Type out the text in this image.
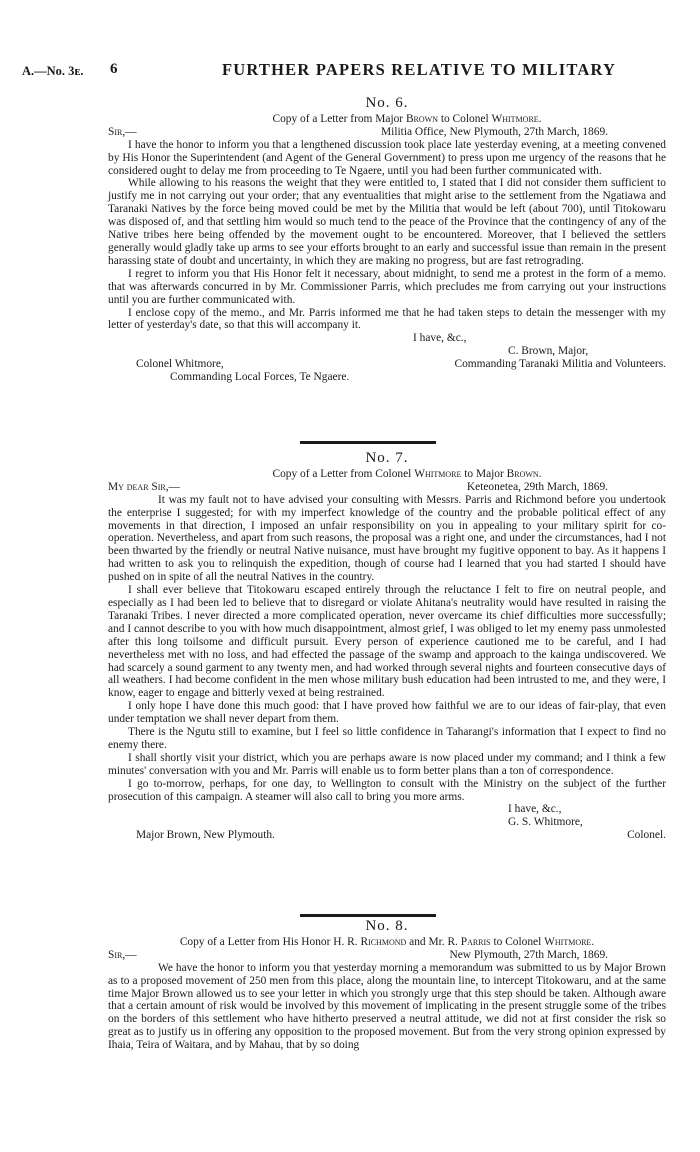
A.—No. 3ᴇ. 6	FURTHER PAPERS RELATIVE TO MILITARY
No. 6.
Copy of a Letter from Major Brown to Colonel Whitmore.
Sir,—	Militia Office, New Plymouth, 27th March, 1869.

I have the honor to inform you that a lengthened discussion took place late yesterday evening, at a meeting convened by His Honor the Superintendent (and Agent of the General Government) to press upon me urgency of the reasons that he considered ought to delay me from proceeding to Te Ngaere, until you had been further communicated with.

While allowing to his reasons the weight that they were entitled to, I stated that I did not consider them sufficient to justify me in not carrying out your order; that any eventualities that might arise to the settlement from the Ngatiawa and Taranaki Natives by the force being moved could be met by the Militia that would be left (about 700), until Titokowaru was disposed of, and that settling him would so much tend to the peace of the Province that the contingency of any of the Native tribes here being offended by the movement ought to be encountered. Moreover, that I believed the settlers generally would gladly take up arms to see your efforts brought to an early and successful issue than remain in the present harassing state of doubt and uncertainty, in which they are making no progress, but are fast retrograding.

I regret to inform you that His Honor felt it necessary, about midnight, to send me a protest in the form of a memo. that was afterwards concurred in by Mr. Commissioner Parris, which precludes me from carrying out your instructions until you are further communicated with.

I enclose copy of the memo., and Mr. Parris informed me that he had taken steps to detain the messenger with my letter of yesterday's date, so that this will accompany it.

I have, &c.,
C. Brown, Major,
Colonel Whitmore,	Commanding Taranaki Militia and Volunteers.
Commanding Local Forces, Te Ngaere.
No. 7.
Copy of a Letter from Colonel Whitmore to Major Brown.
My dear Sir,—	Keteonetea, 29th March, 1869.

It was my fault not to have advised your consulting with Messrs. Parris and Richmond before you undertook the enterprise I suggested; for with my imperfect knowledge of the country and the probable political effect of any movements in that direction, I imposed an unfair responsibility on you in appealing to your military spirit for co-operation. Nevertheless, and apart from such reasons, the proposal was a right one, and under the circumstances, had I not been thwarted by the friendly or neutral Native nuisance, must have brought my fugitive opponent to bay. As it happens I had written to ask you to relinquish the expedition, though of course had I learned that you had started I should have pushed on in spite of all the neutral Natives in the country.

I shall ever believe that Titokowaru escaped entirely through the reluctance I felt to fire on neutral people, and especially as I had been led to believe that to disregard or violate Ahitana's neutrality would have resulted in raising the Taranaki Tribes. I never directed a more complicated operation, never overcame its chief difficulties more successfully; and I cannot describe to you with how much disappointment, almost grief, I was obliged to let my enemy pass unmolested after this long toilsome and difficult pursuit. Every person of experience cautioned me to be careful, and I had nevertheless met with no loss, and had effected the passage of the swamp and approach to the kainga undiscovered. We had scarcely a sound garment to any twenty men, and had worked through several nights and fourteen consecutive days of all weathers. I had become confident in the men whose military bush education had been intrusted to me, and they were, I know, eager to engage and bitterly vexed at being restrained.

I only hope I have done this much good: that I have proved how faithful we are to our ideas of fair-play, that even under temptation we shall never depart from them.

There is the Ngutu still to examine, but I feel so little confidence in Taharangi's information that I expect to find no enemy there.

I shall shortly visit your district, which you are perhaps aware is now placed under my command; and I think a few minutes' conversation with you and Mr. Parris will enable us to form better plans than a ton of correspondence.

I go to-morrow, perhaps, for one day, to Wellington to consult with the Ministry on the subject of the further prosecution of this campaign. A steamer will also call to bring you more arms.

I have, &c.,
G. S. Whitmore,
Major Brown, New Plymouth.	Colonel.
No. 8.
Copy of a Letter from His Honor H. R. Richmond and Mr. R. Parris to Colonel Whitmore.
Sir,—	New Plymouth, 27th March, 1869.

We have the honor to inform you that yesterday morning a memorandum was submitted to us by Major Brown as to a proposed movement of 250 men from this place, along the mountain line, to intercept Titokowaru, and at the same time Major Brown allowed us to see your letter in which you strongly urge that this step should be taken. Although aware that a certain amount of risk would be involved by this movement of implicating in the present struggle some of the tribes on the borders of this settlement who have hitherto preserved a neutral attitude, we did not at first consider the risk so great as to justify us in offering any opposition to the proposed movement. But from the very strong opinion expressed by Ihaia, Teira of Waitara, and by Mahau, that by so doing
